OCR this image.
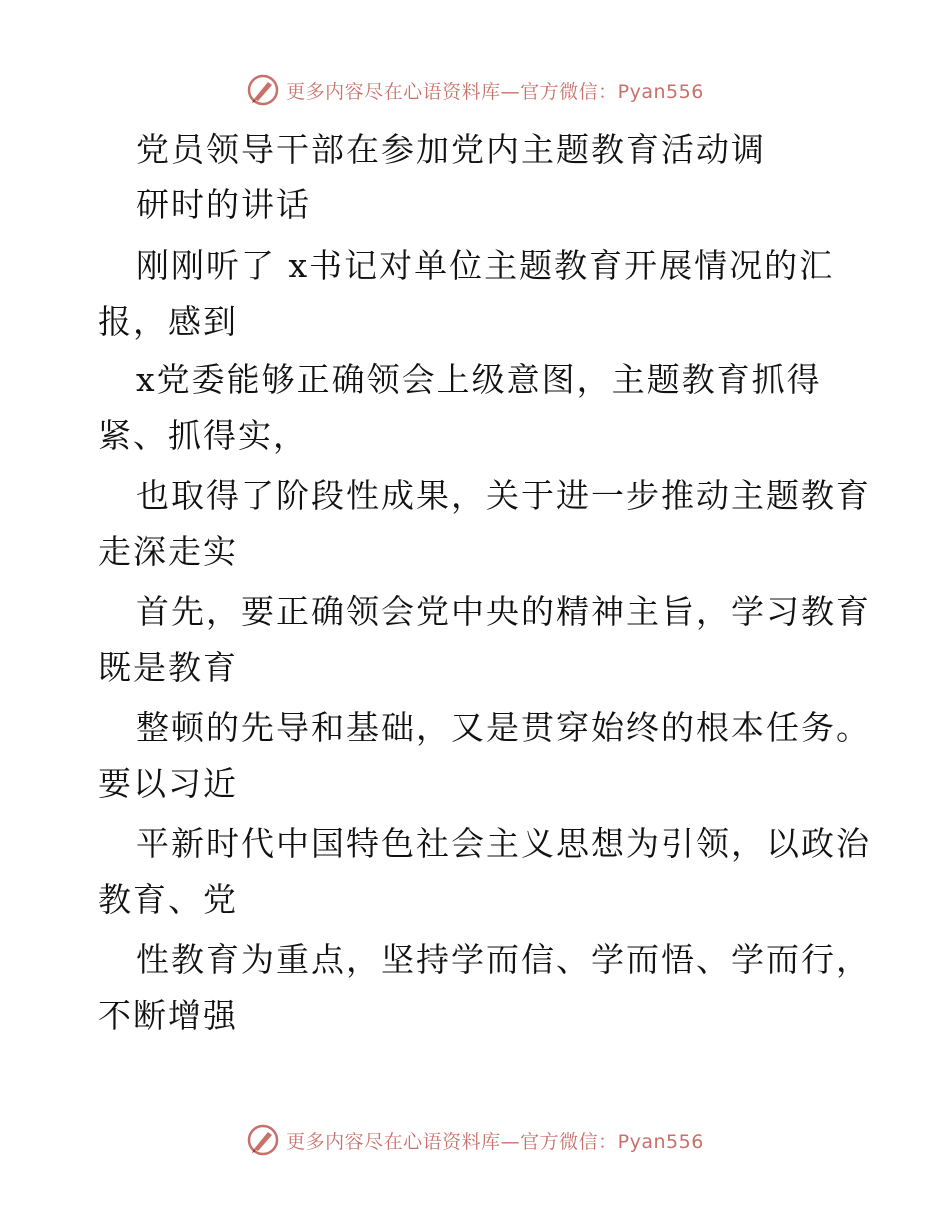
更多内容尽在心语资料库—官方微信：Pyan556
党员领导干部在参加党内主题教育活动调
研时的讲话
刚刚听了 x书记对单位主题教育开展情况的汇
报，感到
x党委能够正确领会上级意图，主题教育抓得
紧、抓得实，
也取得了阶段性成果，关于进一步推动主题教育
走深走实
首先，要正确领会党中央的精神主旨，学习教育
既是教育
整顿的先导和基础，又是贯穿始终的根本任务。
要以习近
平新时代中国特色社会主义思想为引领，以政治
教育、党
性教育为重点，坚持学而信、学而悟、学而行，
不断增强
更多内容尽在心语资料库—官方微信：Pyan556
